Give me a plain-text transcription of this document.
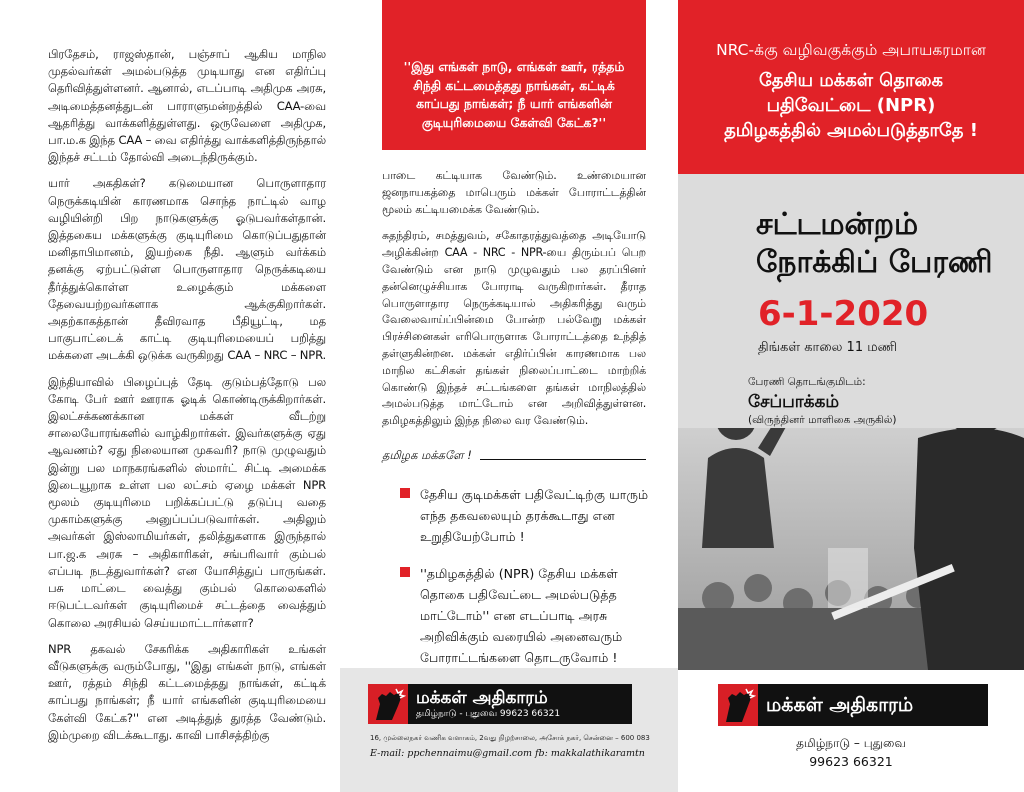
பிரதேசம், ராஜஸ்தான், பஞ்சாப் ஆகிய மாநில முதல்வர்கள் அமல்படுத்த முடியாது என எதிர்ப்பு தெரிவித்துள்ளனர். ஆனால், எடப்பாடி அதிமுக அரசு, அடிமைத்தனத்துடன் பாராளுமன்றத்தில் CAA-வை ஆதரித்து வாக்களித்துள்ளது. ஒருவேளை அதிமுக, பா.ம.க இந்த CAA – வை எதிர்த்து வாக்களித்திருந்தால் இந்தச் சட்டம் தோல்வி அடைந்திருக்கும்.

யார் அகதிகள்? கடுமையான பொருளாதார நெருக்கடியின் காரணமாக சொந்த நாட்டில் வாழ வழியின்றி பிற நாடுகளுக்கு ஓடுபவர்கள்தான். இத்தகைய மக்களுக்கு குடியுரிமை கொடுப்பதுதான் மனிதாபிமானம், இயற்கை நீதி. ஆளும் வர்க்கம் தனக்கு ஏற்பட்டுள்ள பொருளாதார நெருக்கடியை தீர்த்துக்கொள்ள உழைக்கும் மக்களை தேவையற்றவர்களாக ஆக்குகிறார்கள். அதற்காகத்தான் தீவிரவாத பீதியூட்டி, மத பாகுபாட்டைக் காட்டி குடியுரிமையைப் பறித்து மக்களை அடக்கி ஒடுக்க வருகிறது CAA – NRC – NPR.

இந்தியாவில் பிழைப்புத் தேடி குடும்பத்தோடு பல கோடி பேர் ஊர் ஊராக ஓடிக் கொண்டிருக்கிறார்கள். இலட்சக்கணக்கான மக்கள் வீடற்று சாலையோரங்களில் வாழ்கிறார்கள். இவர்களுக்கு ஏது ஆவணம்? ஏது நிலையான முகவரி? நாடு முழுவதும் இன்று பல மாநகரங்களில் ஸ்மார்ட் சிட்டி அமைக்க இடையூறாக உள்ள பல லட்சம் ஏழை மக்கள் NPR மூலம் குடியுரிமை பறிக்கப்பட்டு தடுப்பு வதை முகாம்களுக்கு அனுப்பப்படுவார்கள். அதிலும் அவர்கள் இஸ்லாமியர்கள், தலித்துகளாக இருந்தால் பா.ஜ.க அரசு – அதிகாரிகள், சங்பரிவார் கும்பல் எப்படி நடத்துவார்கள்? என யோசித்துப் பாருங்கள். பசு மாட்டை வைத்து கும்பல் கொலைகளில் ஈடுபட்டவர்கள் குடியுரிமைச் சட்டத்தை வைத்தும் கொலை அரசியல் செய்யமாட்டார்களா?

NPR தகவல் சேகரிக்க அதிகாரிகள் உங்கள் வீடுகளுக்கு வரும்போது, ''இது எங்கள் நாடு, எங்கள் ஊர், ரத்தம் சிந்தி கட்டமைத்தது நாங்கள், கட்டிக் காப்பது நாங்கள்; நீ யார் எங்களின் குடியுரிமையை கேள்வி கேட்க?'' என அடித்துத் துரத்த வேண்டும். இம்முறை விடக்கூடாது. காவி பாசிசத்திற்கு

''இது எங்கள் நாடு, எங்கள் ஊர், ரத்தம் சிந்தி கட்டமைத்தது நாங்கள், கட்டிக் காப்பது நாங்கள்; நீ யார் எங்களின் குடியுரிமையை கேள்வி கேட்க?''

பாடை கட்டியாக வேண்டும். உண்மையான ஜனநாயகத்தை மாபெரும் மக்கள் போராட்டத்தின் மூலம் கட்டியமைக்க வேண்டும்.

சுதந்திரம், சமத்துவம், சகோதரத்துவத்தை அடியோடு அழிக்கின்ற CAA - NRC - NPR-யை திரும்பப் பெற வேண்டும் என நாடு முழுவதும் பல தரப்பினர் தன்னெழுச்சியாக போராடி வருகிறார்கள். தீராத பொருளாதார நெருக்கடியால் அதிகரித்து வரும் வேலைவாய்ப்பின்மை போன்ற பல்வேறு மக்கள் பிரச்சினைகள் எரிபொருளாக போராட்டத்தை உந்தித் தள்ளுகின்றன. மக்கள் எதிர்ப்பின் காரணமாக பல மாநில கட்சிகள் தங்கள் நிலைப்பாட்டை மாற்றிக் கொண்டு இந்தச் சட்டங்களை தங்கள் மாநிலத்தில் அமல்படுத்த மாட்டோம் என அறிவித்துள்ளன. தமிழகத்திலும் இந்த நிலை வர வேண்டும்.

தமிழக மக்களே !
தேசிய குடிமக்கள் பதிவேட்டிற்கு யாரும் எந்த தகவலையும் தரக்கூடாது என உறுதியேற்போம் !
''தமிழகத்தில் (NPR) தேசிய மக்கள் தொகை பதிவேட்டை அமல்படுத்த மாட்டோம்'' என எடப்பாடி அரசு அறிவிக்கும் வரையில் அனைவரும் போராட்டங்களை தொடருவோம் !
மக்கள் அதிகாரம்
தமிழ்நாடு - புதுவை 99623 66321
16, முல்லைநகர் வணிக வளாகம், 2வது நிழற்சாலை, அசோக் நகர், சென்னை – 600 083
E-mail: ppchennaimu@gmail.com fb: makkalathikaramtn
NRC-க்கு வழிவகுக்கும் அபாயகரமான
தேசிய மக்கள் தொகை
பதிவேட்டை (NPR)
தமிழகத்தில் அமல்படுத்தாதே !
சட்டமன்றம்
நோக்கிப் பேரணி
6-1-2020
திங்கள் காலை 11 மணி
பேரணி தொடங்குமிடம்:
சேப்பாக்கம்
(விருந்தினர் மாளிகை அருகில்)
மக்கள் அதிகாரம்
தமிழ்நாடு – புதுவை
99623 66321
